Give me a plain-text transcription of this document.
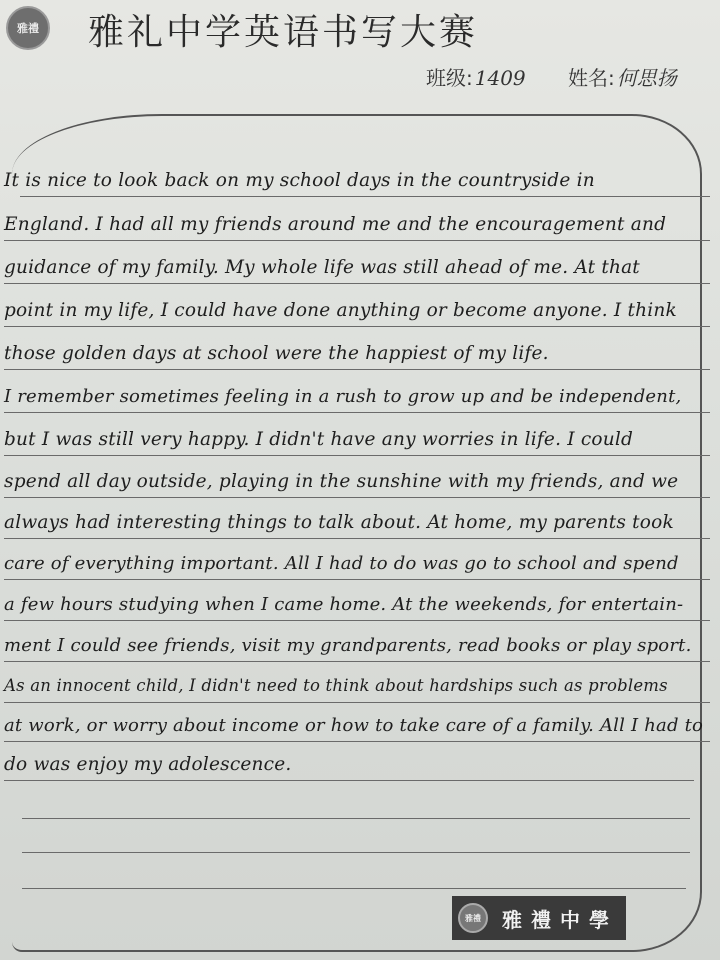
雅禮 雅礼中学英语书写大赛
班级: 1409 姓名: 何思扬
It is nice to look back on my school days in the countryside in
England. I had all my friends around me and the encouragement and
guidance of my family. My whole life was still ahead of me. At that
point in my life, I could have done anything or become anyone. I think
those golden days at school were the happiest of my life.
I remember sometimes feeling in a rush to grow up and be independent,
but I was still very happy. I didn't have any worries in life. I could
spend all day outside, playing in the sunshine with my friends, and we
always had interesting things to talk about. At home, my parents took
care of everything important. All I had to do was go to school and spend
a few hours studying when I came home. At the weekends, for entertain-
ment I could see friends, visit my grandparents, read books or play sport.
As an innocent child, I didn't need to think about hardships such as problems
at work, or worry about income or how to take care of a family. All I had to
do was enjoy my adolescence.
雅禮 雅禮中學
